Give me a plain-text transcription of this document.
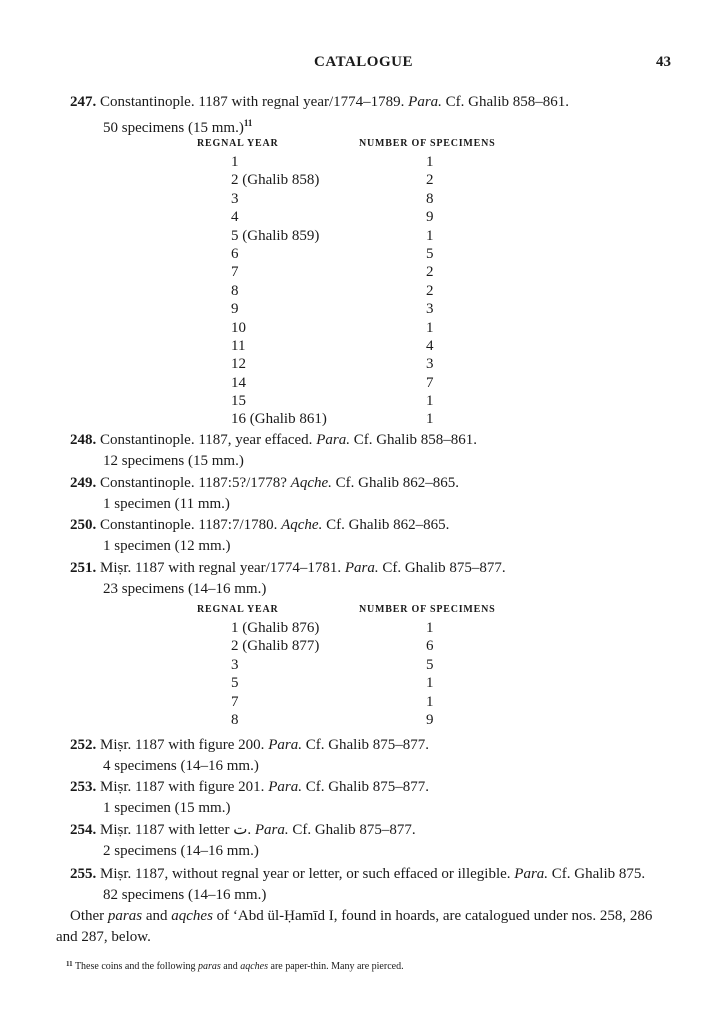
CATALOGUE	43
247. Constantinople. 1187 with regnal year/1774–1789. Para. Cf. Ghalib 858–861.
50 specimens (15 mm.)$^{11}$
REGNAL YEAR	NUMBER OF SPECIMENS
1	1
2 (Ghalib 858)	2
3	8
4	9
5 (Ghalib 859)	1
6	5
7	2
8	2
9	3
10	1
11	4
12	3
14	7
15	1
16 (Ghalib 861)	1
248. Constantinople. 1187, year effaced. Para. Cf. Ghalib 858–861.
12 specimens (15 mm.)
249. Constantinople. 1187:5?/1778? Aqche. Cf. Ghalib 862–865.
1 specimen (11 mm.)
250. Constantinople. 1187:7/1780. Aqche. Cf. Ghalib 862–865.
1 specimen (12 mm.)
251. Miṣr. 1187 with regnal year/1774–1781. Para. Cf. Ghalib 875–877.
23 specimens (14–16 mm.)
REGNAL YEAR	NUMBER OF SPECIMENS
1 (Ghalib 876)	1
2 (Ghalib 877)	6
3	5
5	1
7	1
8	9
252. Miṣr. 1187 with figure 200. Para. Cf. Ghalib 875–877.
4 specimens (14–16 mm.)
253. Miṣr. 1187 with figure 201. Para. Cf. Ghalib 875–877.
1 specimen (15 mm.)
254. Miṣr. 1187 with letter ت. Para. Cf. Ghalib 875–877.
2 specimens (14–16 mm.)
255. Miṣr. 1187, without regnal year or letter, or such effaced or illegible. Para. Cf. Ghalib 875.
82 specimens (14–16 mm.)
Other paras and aqches of ‘Abd ül-Ḥamīd I, found in hoards, are catalogued under nos. 258, 286 and 287, below.
$^{11}$ These coins and the following paras and aqches are paper-thin. Many are pierced.
